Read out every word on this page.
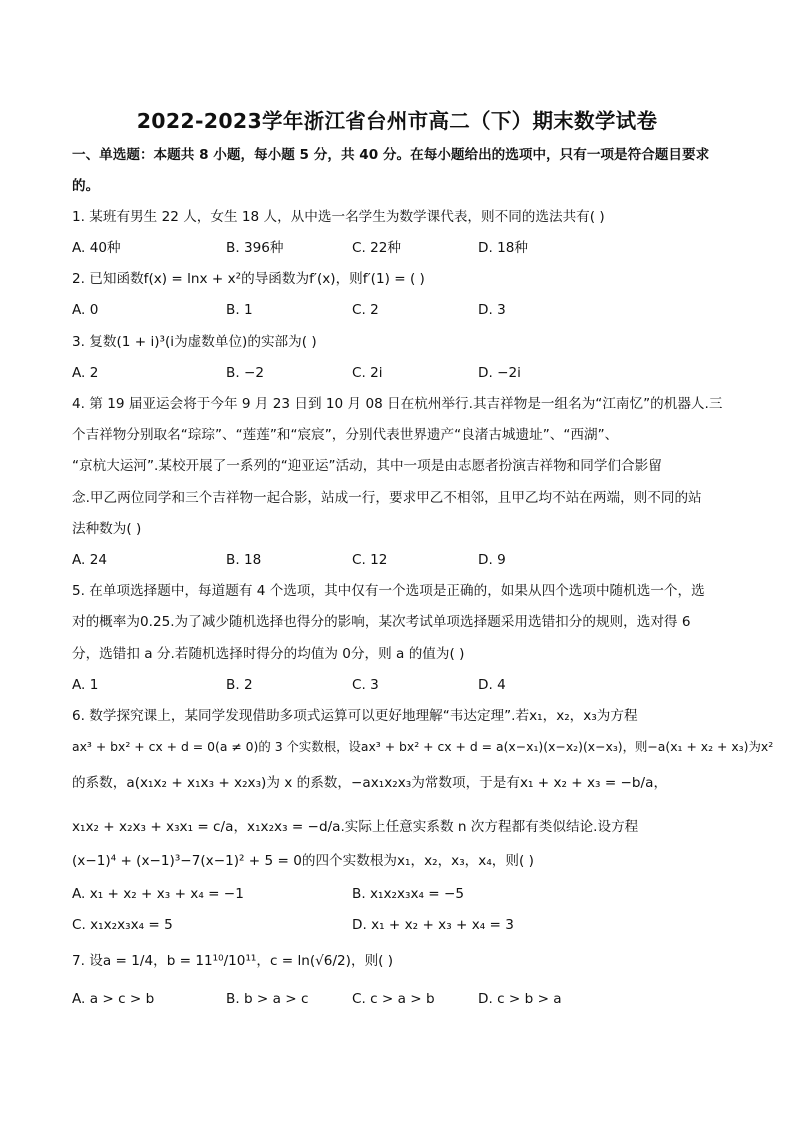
2022-2023学年浙江省台州市高二（下）期末数学试卷
一、单选题：本题共 8 小题，每小题 5 分，共 40 分。在每小题给出的选项中，只有一项是符合题目要求
的。
1. 某班有男生 22 人，女生 18 人，从中选一名学生为数学课代表，则不同的选法共有( )
A. 40种	B. 396种	C. 22种	D. 18种
2. 已知函数f(x) = lnx + x²的导函数为f′(x)，则f′(1) = ( )
A. 0	B. 1	C. 2	D. 3
3. 复数(1 + i)³(i为虚数单位)的实部为( )
A. 2	B. −2	C. 2i	D. −2i
4. 第 19 届亚运会将于今年 9 月 23 日到 10 月 08 日在杭州举行.其吉祥物是一组名为“江南忆”的机器人.三
个吉祥物分别取名“琮琮”、“莲莲”和“宸宸”，分别代表世界遗产“良渚古城遗址”、“西湖”、
“京杭大运河”.某校开展了一系列的“迎亚运”活动，其中一项是由志愿者扮演吉祥物和同学们合影留
念.甲乙两位同学和三个吉祥物一起合影，站成一行，要求甲乙不相邻，且甲乙均不站在两端，则不同的站
法种数为( )
A. 24	B. 18	C. 12	D. 9
5. 在单项选择题中，每道题有 4 个选项，其中仅有一个选项是正确的，如果从四个选项中随机选一个，选
对的概率为0.25.为了减少随机选择也得分的影响，某次考试单项选择题采用选错扣分的规则，选对得 6
分，选错扣 a 分.若随机选择时得分的均值为 0分，则 a 的值为( )
A. 1	B. 2	C. 3	D. 4
6. 数学探究课上，某同学发现借助多项式运算可以更好地理解“韦达定理”.若x₁，x₂，x₃为方程
ax³ + bx² + cx + d = 0(a ≠ 0)的 3 个实数根，设ax³ + bx² + cx + d = a(x−x₁)(x−x₂)(x−x₃)，则−a(x₁ + x₂ + x₃)为x²
的系数，a(x₁x₂ + x₁x₃ + x₂x₃)为 x 的系数，−ax₁x₂x₃为常数项，于是有x₁ + x₂ + x₃ = −b/a，
x₁x₂ + x₂x₃ + x₃x₁ = c/a，x₁x₂x₃ = −d/a.实际上任意实系数 n 次方程都有类似结论.设方程
(x−1)⁴ + (x−1)³−7(x−1)² + 5 = 0的四个实数根为x₁，x₂，x₃，x₄，则( )
A. x₁ + x₂ + x₃ + x₄ = −1	B. x₁x₂x₃x₄ = −5
C. x₁x₂x₃x₄ = 5	D. x₁ + x₂ + x₃ + x₄ = 3
7. 设a = 1/4，b = 11¹⁰/10¹¹，c = ln(√6/2)，则( )
A. a > c > b	B. b > a > c	C. c > a > b	D. c > b > a
